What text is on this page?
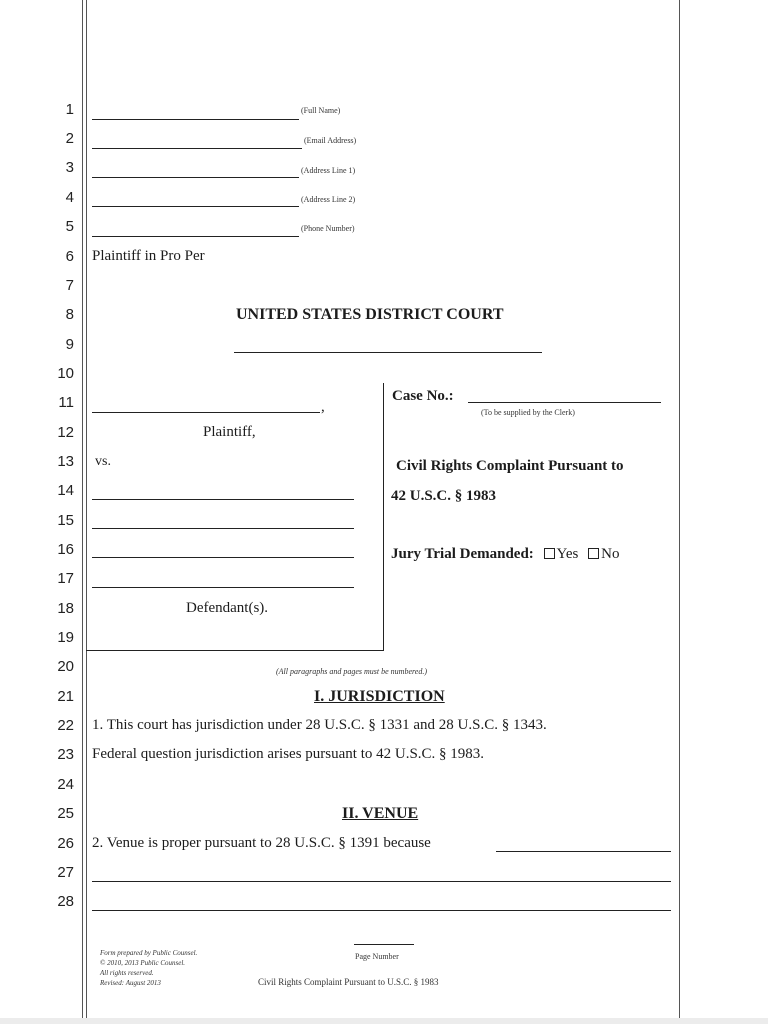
1
2
3
4
5
6
7
8
9
10
11
12
13
14
15
16
17
18
19
20
21
22
23
24
25
26
27
28
(Full Name)
(Email Address)
(Address Line 1)
(Address Line 2)
(Phone Number)
Plaintiff in Pro Per
UNITED STATES DISTRICT COURT
,
Plaintiff,
vs.
Defendant(s).
Case No.:
(To be supplied by the Clerk)
Civil Rights Complaint Pursuant to
42 U.S.C. § 1983
Jury Trial Demanded: Yes No
(All paragraphs and pages must be numbered.)
I. JURISDICTION
1. This court has jurisdiction under 28 U.S.C. § 1331 and 28 U.S.C. § 1343.
Federal question jurisdiction arises pursuant to 42 U.S.C. § 1983.
II. VENUE
2. Venue is proper pursuant to 28 U.S.C. § 1391 because
Form prepared by Public Counsel.
© 2010, 2013 Public Counsel.
All rights reserved.
Revised: August 2013
Page Number
Civil Rights Complaint Pursuant to U.S.C. § 1983
